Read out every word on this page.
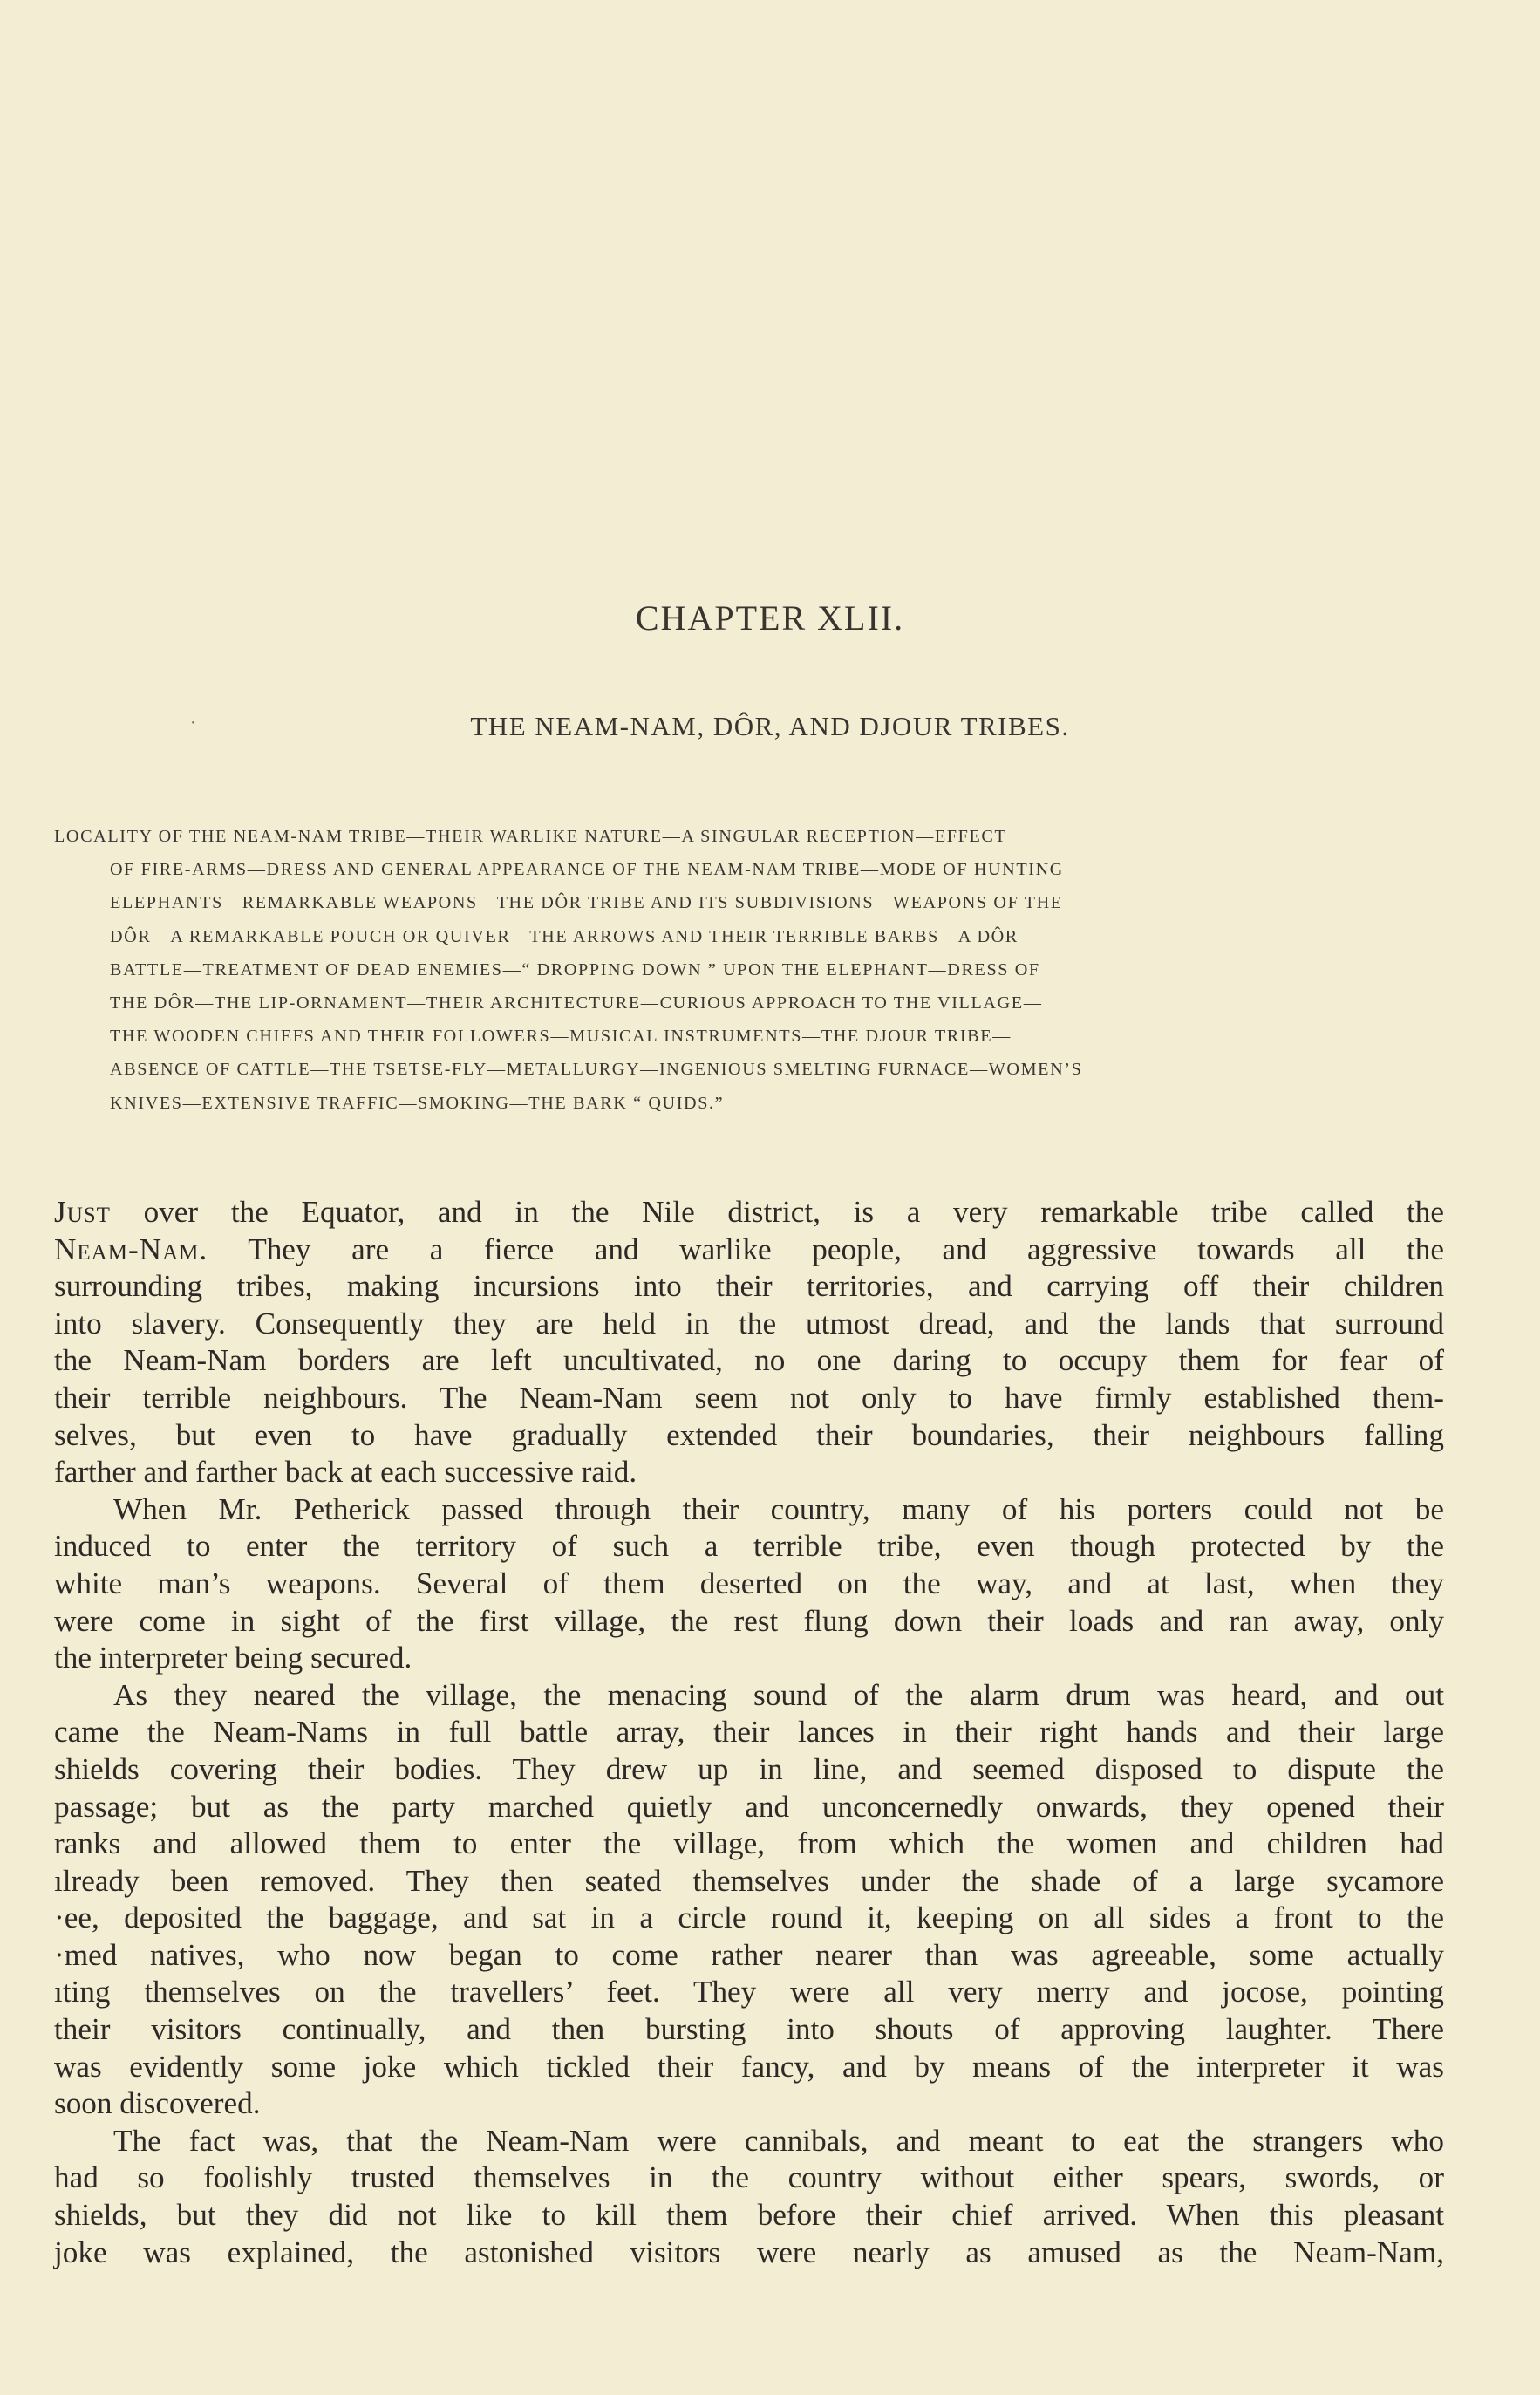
CHAPTER XLII.
·	THE NEAM-NAM, DÔR, AND DJOUR TRIBES.
LOCALITY OF THE NEAM-NAM TRIBE—THEIR WARLIKE NATURE—A SINGULAR RECEPTION—EFFECT
OF FIRE-ARMS—DRESS AND GENERAL APPEARANCE OF THE NEAM-NAM TRIBE—MODE OF HUNTING
ELEPHANTS—REMARKABLE WEAPONS—THE DÔR TRIBE AND ITS SUBDIVISIONS—WEAPONS OF THE
DÔR—A REMARKABLE POUCH OR QUIVER—THE ARROWS AND THEIR TERRIBLE BARBS—A DÔR
BATTLE—TREATMENT OF DEAD ENEMIES—“ DROPPING DOWN ” UPON THE ELEPHANT—DRESS OF
THE DÔR—THE LIP-ORNAMENT—THEIR ARCHITECTURE—CURIOUS APPROACH TO THE VILLAGE—
THE WOODEN CHIEFS AND THEIR FOLLOWERS—MUSICAL INSTRUMENTS—THE DJOUR TRIBE—
ABSENCE OF CATTLE—THE TSETSE-FLY—METALLURGY—INGENIOUS SMELTING FURNACE—WOMEN’S
KNIVES—EXTENSIVE TRAFFIC—SMOKING—THE BARK “ QUIDS.”
Just over the Equator, and in the Nile district, is a very remarkable tribe called the
Neam-Nam. They are a fierce and warlike people, and aggressive towards all the
surrounding tribes, making incursions into their territories, and carrying off their children
into slavery. Consequently they are held in the utmost dread, and the lands that surround
the Neam-Nam borders are left uncultivated, no one daring to occupy them for fear of
their terrible neighbours. The Neam-Nam seem not only to have firmly established them-
selves, but even to have gradually extended their boundaries, their neighbours falling
farther and farther back at each successive raid.
When Mr. Petherick passed through their country, many of his porters could not be
induced to enter the territory of such a terrible tribe, even though protected by the
white man’s weapons. Several of them deserted on the way, and at last, when they
were come in sight of the first village, the rest flung down their loads and ran away, only
the interpreter being secured.
As they neared the village, the menacing sound of the alarm drum was heard, and out
came the Neam-Nams in full battle array, their lances in their right hands and their large
shields covering their bodies. They drew up in line, and seemed disposed to dispute the
passage; but as the party marched quietly and unconcernedly onwards, they opened their
ranks and allowed them to enter the village, from which the women and children had
ılready been removed. They then seated themselves under the shade of a large sycamore
·ee, deposited the baggage, and sat in a circle round it, keeping on all sides a front to the
·med natives, who now began to come rather nearer than was agreeable, some actually
ıting themselves on the travellers’ feet. They were all very merry and jocose, pointing
their visitors continually, and then bursting into shouts of approving laughter. There
was evidently some joke which tickled their fancy, and by means of the interpreter it was
soon discovered.
The fact was, that the Neam-Nam were cannibals, and meant to eat the strangers who
had so foolishly trusted themselves in the country without either spears, swords, or
shields, but they did not like to kill them before their chief arrived. When this pleasant
joke was explained, the astonished visitors were nearly as amused as the Neam-Nam,
